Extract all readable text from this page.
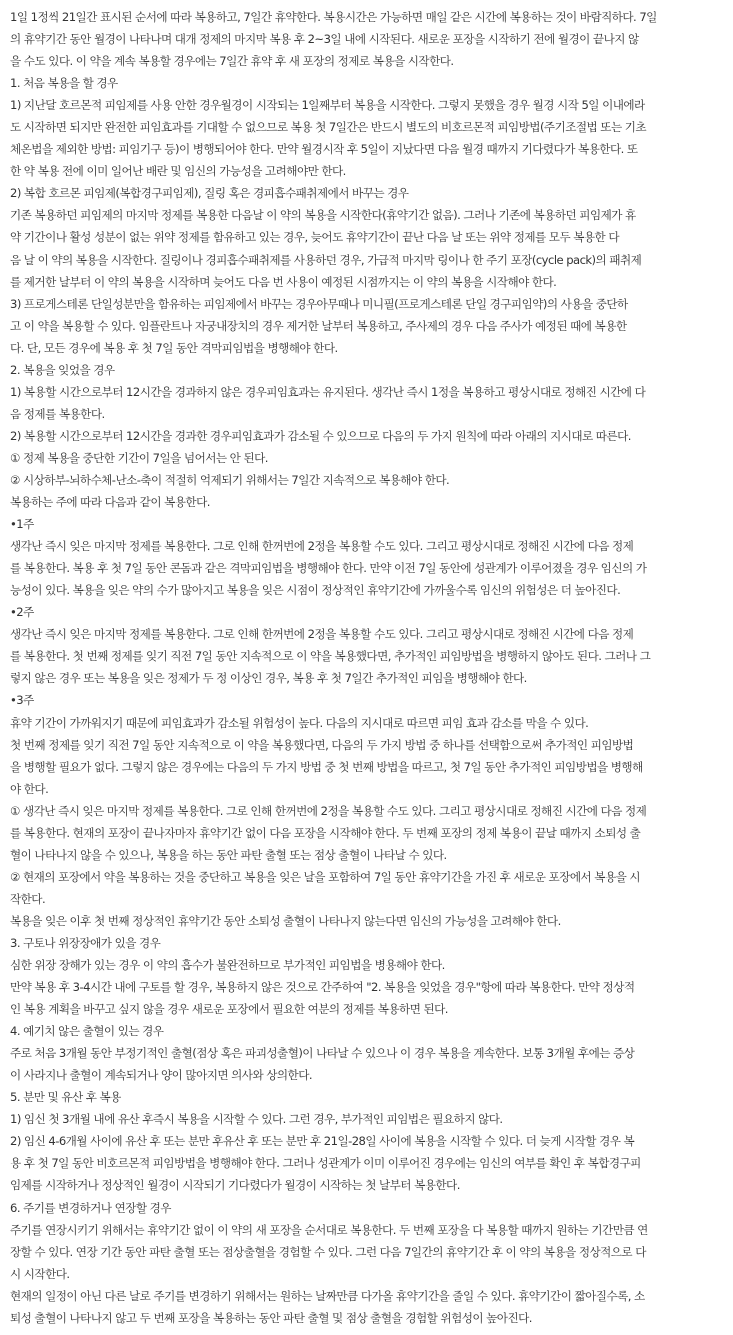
1일 1정씩 21일간 표시된 순서에 따라 복용하고, 7일간 휴약한다. 복용시간은 가능하면 매일 같은 시간에 복용하는 것이 바람직하다. 7일

의 휴약기간 동안 월경이 나타나며 대개 정제의 마지막 복용 후 2~3일 내에 시작된다. 새로운 포장을 시작하기 전에 월경이 끝나지 않

을 수도 있다. 이 약을 계속 복용할 경우에는 7일간 휴약 후 새 포장의 정제로 복용을 시작한다.

1. 처음 복용을 할 경우

1) 지난달 호르몬적 피임제를 사용 안한 경우월경이 시작되는 1일째부터 복용을 시작한다. 그렇지 못했을 경우 월경 시작 5일 이내에라

도 시작하면 되지만 완전한 피임효과를 기대할 수 없으므로 복용 첫 7일간은 반드시 별도의 비호르몬적 피임방법(주기조절법 또는 기초

체온법을 제외한 방법: 피임기구 등)이 병행되어야 한다. 만약 월경시작 후 5일이 지났다면 다음 월경 때까지 기다렸다가 복용한다. 또

한 약 복용 전에 이미 일어난 배란 및 임신의 가능성을 고려해야만 한다.

2) 복합 호르몬 피임제(복합경구피임제), 질링 혹은 경피흡수패취제에서 바꾸는 경우

기존 복용하던 피임제의 마지막 정제를 복용한 다음날 이 약의 복용을 시작한다(휴약기간 없음). 그러나 기존에 복용하던 피임제가 휴

약 기간이나 활성 성분이 없는 위약 정제를 함유하고 있는 경우, 늦어도 휴약기간이 끝난 다음 날 또는 위약 정제를 모두 복용한 다

음 날 이 약의 복용을 시작한다. 질링이나 경피흡수패취제를 사용하던 경우, 가급적 마지막 링이나 한 주기 포장(cycle pack)의 패취제

를 제거한 날부터 이 약의 복용을 시작하며 늦어도 다음 번 사용이 예정된 시점까지는 이 약의 복용을 시작해야 한다.

3) 프로게스테론 단일성분만을 함유하는 피임제에서 바꾸는 경우아무때나 미니필(프로게스테론 단일 경구피임약)의 사용을 중단하

고 이 약을 복용할 수 있다. 임플란트나 자궁내장치의 경우 제거한 날부터 복용하고, 주사제의 경우 다음 주사가 예정된 때에 복용한

다. 단, 모든 경우에 복용 후 첫 7일 동안 격막피임법을 병행해야 한다.

2. 복용을 잊었을 경우

1) 복용할 시간으로부터 12시간을 경과하지 않은 경우피임효과는 유지된다. 생각난 즉시 1정을 복용하고 평상시대로 정해진 시간에 다

음 정제를 복용한다.

2) 복용할 시간으로부터 12시간을 경과한 경우피임효과가 감소될 수 있으므로 다음의 두 가지 원칙에 따라 아래의 지시대로 따른다.

① 정제 복용을 중단한 기간이 7일을 넘어서는 안 된다.

② 시상하부-뇌하수체-난소-축이 적절히 억제되기 위해서는 7일간 지속적으로 복용해야 한다.

복용하는 주에 따라 다음과 같이 복용한다.

•1주

생각난 즉시 잊은 마지막 정제를 복용한다. 그로 인해 한꺼번에 2정을 복용할 수도 있다. 그리고 평상시대로 정해진 시간에 다음 정제

를 복용한다. 복용 후 첫 7일 동안 콘돔과 같은 격막피임법을 병행해야 한다. 만약 이전 7일 동안에 성관계가 이루어졌을 경우 임신의 가

능성이 있다. 복용을 잊은 약의 수가 많아지고 복용을 잊은 시점이 정상적인 휴약기간에 가까울수록 임신의 위험성은 더 높아진다.

•2주

생각난 즉시 잊은 마지막 정제를 복용한다. 그로 인해 한꺼번에 2정을 복용할 수도 있다. 그리고 평상시대로 정해진 시간에 다음 정제

를 복용한다. 첫 번째 정제를 잊기 직전 7일 동안 지속적으로 이 약을 복용했다면, 추가적인 피임방법을 병행하지 않아도 된다. 그러나 그

렇지 않은 경우 또는 복용을 잊은 정제가 두 정 이상인 경우, 복용 후 첫 7일간 추가적인 피임을 병행해야 한다.

•3주

휴약 기간이 가까워지기 때문에 피임효과가 감소될 위험성이 높다. 다음의 지시대로 따르면 피임 효과 감소를 막을 수 있다.

첫 번째 정제를 잊기 직전 7일 동안 지속적으로 이 약을 복용했다면, 다음의 두 가지 방법 중 하나를 선택함으로써 추가적인 피임방법

을 병행할 필요가 없다. 그렇지 않은 경우에는 다음의 두 가지 방법 중 첫 번째 방법을 따르고, 첫 7일 동안 추가적인 피임방법을 병행해

야 한다.

① 생각난 즉시 잊은 마지막 정제를 복용한다. 그로 인해 한꺼번에 2정을 복용할 수도 있다. 그리고 평상시대로 정해진 시간에 다음 정제

를 복용한다. 현재의 포장이 끝나자마자 휴약기간 없이 다음 포장을 시작해야 한다. 두 번째 포장의 정제 복용이 끝날 때까지 소퇴성 출

혈이 나타나지 않을 수 있으나, 복용을 하는 동안 파탄 출혈 또는 점상 출혈이 나타날 수 있다.

② 현재의 포장에서 약을 복용하는 것을 중단하고 복용을 잊은 날을 포함하여 7일 동안 휴약기간을 가진 후 새로운 포장에서 복용을 시

작한다.

복용을 잊은 이후 첫 번째 정상적인 휴약기간 동안 소퇴성 출혈이 나타나지 않는다면 임신의 가능성을 고려해야 한다.

3. 구토나 위장장애가 있을 경우

심한 위장 장해가 있는 경우 이 약의 흡수가 불완전하므로 부가적인 피임법을 병용해야 한다.

만약 복용 후 3-4시간 내에 구토를 할 경우, 복용하지 않은 것으로 간주하여 "2. 복용을 잊었을 경우"항에 따라 복용한다. 만약 정상적

인 복용 계획을 바꾸고 싶지 않을 경우 새로운 포장에서 필요한 여분의 정제를 복용하면 된다.

4. 예기치 않은 출혈이 있는 경우

주로 처음 3개월 동안 부정기적인 출혈(점상 혹은 파괴성출혈)이 나타날 수 있으나 이 경우 복용을 계속한다. 보통 3개월 후에는 증상

이 사라지나 출혈이 계속되거나 양이 많아지면 의사와 상의한다.

5. 분만 및 유산 후 복용

1) 임신 첫 3개월 내에 유산 후즉시 복용을 시작할 수 있다. 그런 경우, 부가적인 피임법은 필요하지 않다.

2) 임신 4-6개월 사이에 유산 후 또는 분만 후유산 후 또는 분만 후 21일-28일 사이에 복용을 시작할 수 있다. 더 늦게 시작할 경우 복

용 후 첫 7일 동안 비호르몬적 피임방법을 병행해야 한다. 그러나 성관계가 이미 이루어진 경우에는 임신의 여부를 확인 후 복합경구피

임제를 시작하거나 정상적인 월경이 시작되기 기다렸다가 월경이 시작하는 첫 날부터 복용한다.

6. 주기를 변경하거나 연장할 경우

주기를 연장시키기 위해서는 휴약기간 없이 이 약의 새 포장을 순서대로 복용한다. 두 번째 포장을 다 복용할 때까지 원하는 기간만큼 연

장할 수 있다. 연장 기간 동안 파탄 출혈 또는 점상출혈을 경험할 수 있다. 그런 다음 7일간의 휴약기간 후 이 약의 복용을 정상적으로 다

시 시작한다.

현재의 일정이 아닌 다른 날로 주기를 변경하기 위해서는 원하는 날짜만큼 다가올 휴약기간을 줄일 수 있다. 휴약기간이 짧아질수록, 소

퇴성 출혈이 나타나지 않고 두 번째 포장을 복용하는 동안 파탄 출혈 및 점상 출혈을 경험할 위험성이 높아진다.
